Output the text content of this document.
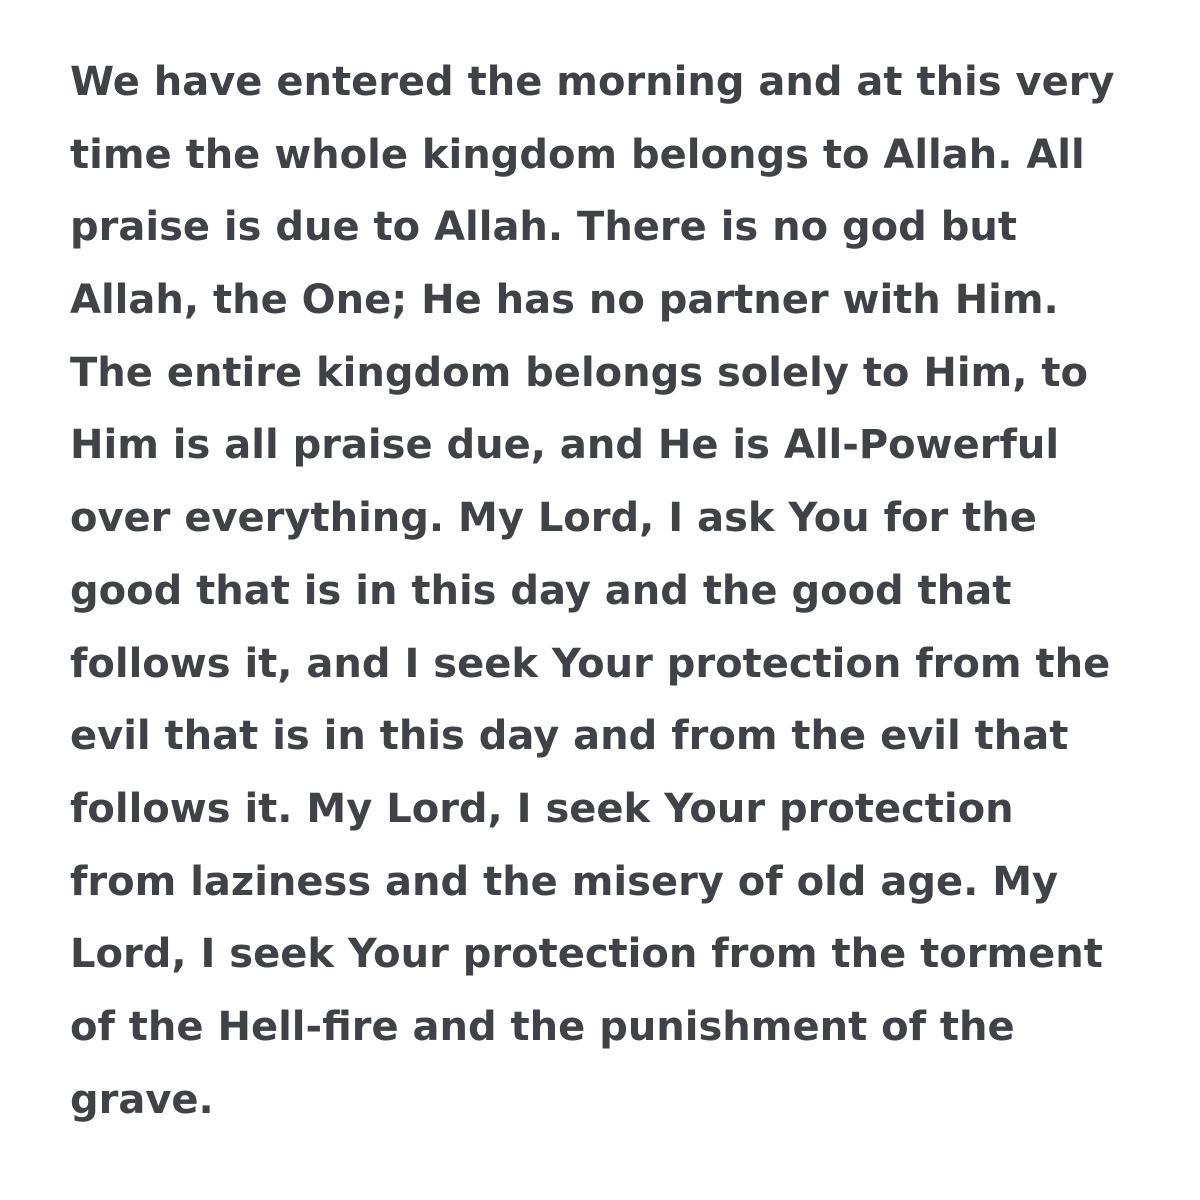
We have entered the morning and at this very
time the whole kingdom belongs to Allah. All
praise is due to Allah. There is no god but
Allah, the One; He has no partner with Him.
The entire kingdom belongs solely to Him, to
Him is all praise due, and He is All-Powerful
over everything. My Lord, I ask You for the
good that is in this day and the good that
follows it, and I seek Your protection from the
evil that is in this day and from the evil that
follows it. My Lord, I seek Your protection
from laziness and the misery of old age. My
Lord, I seek Your protection from the torment
of the Hell-fire and the punishment of the
grave.
